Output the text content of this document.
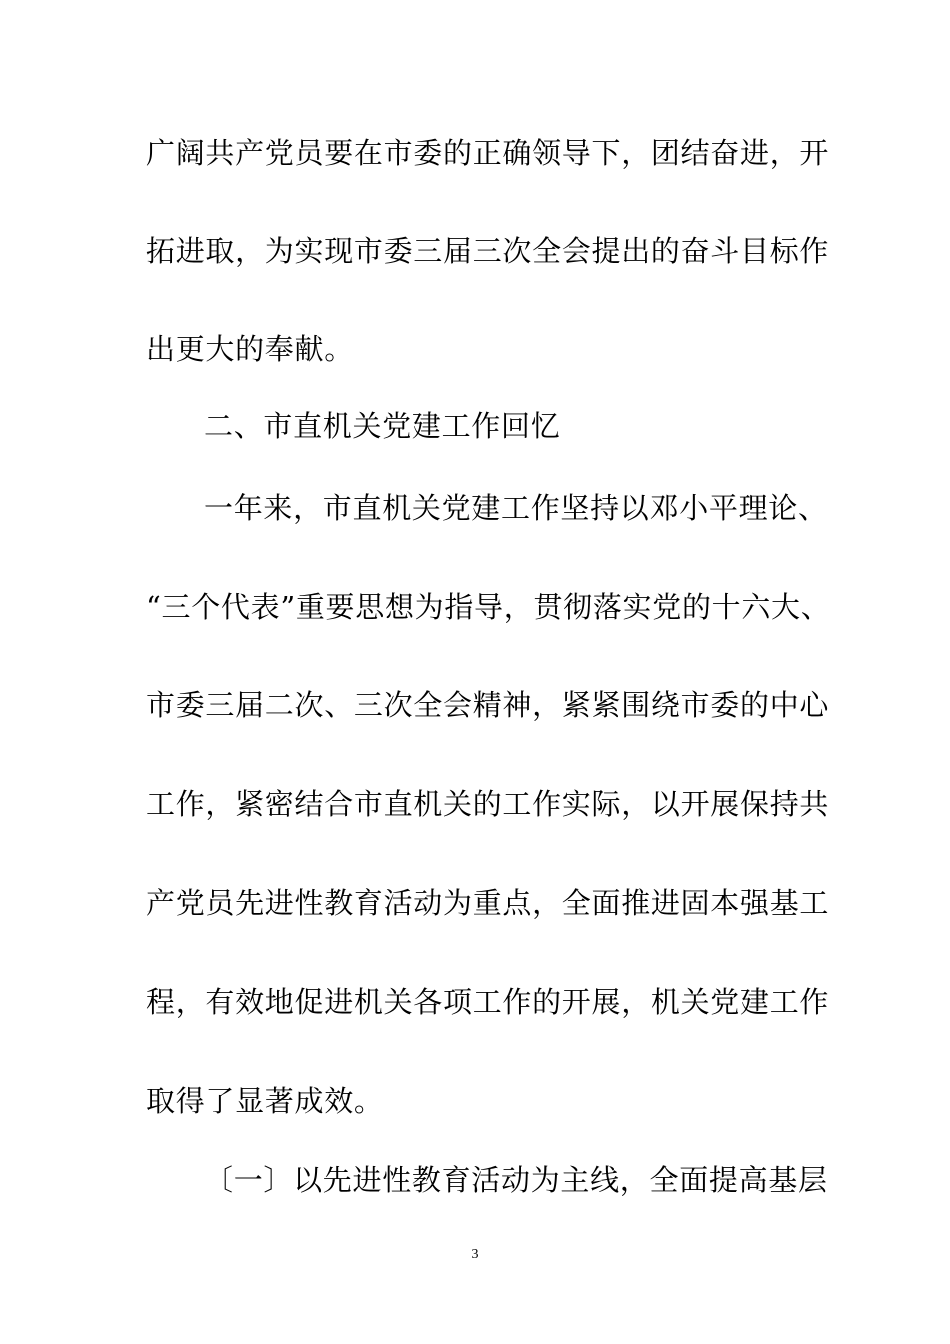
广阔共产党员要在市委的正确领导下，团结奋进，开
拓进取，为实现市委三届三次全会提出的奋斗目标作
出更大的奉献。
二、市直机关党建工作回忆
一年来，市直机关党建工作坚持以邓小平理论、
“三个代表”重要思想为指导，贯彻落实党的十六大、
市委三届二次、三次全会精神，紧紧围绕市委的中心
工作，紧密结合市直机关的工作实际，以开展保持共
产党员先进性教育活动为重点，全面推进固本强基工
程，有效地促进机关各项工作的开展，机关党建工作
取得了显著成效。
〔一〕以先进性教育活动为主线，全面提高基层
3
